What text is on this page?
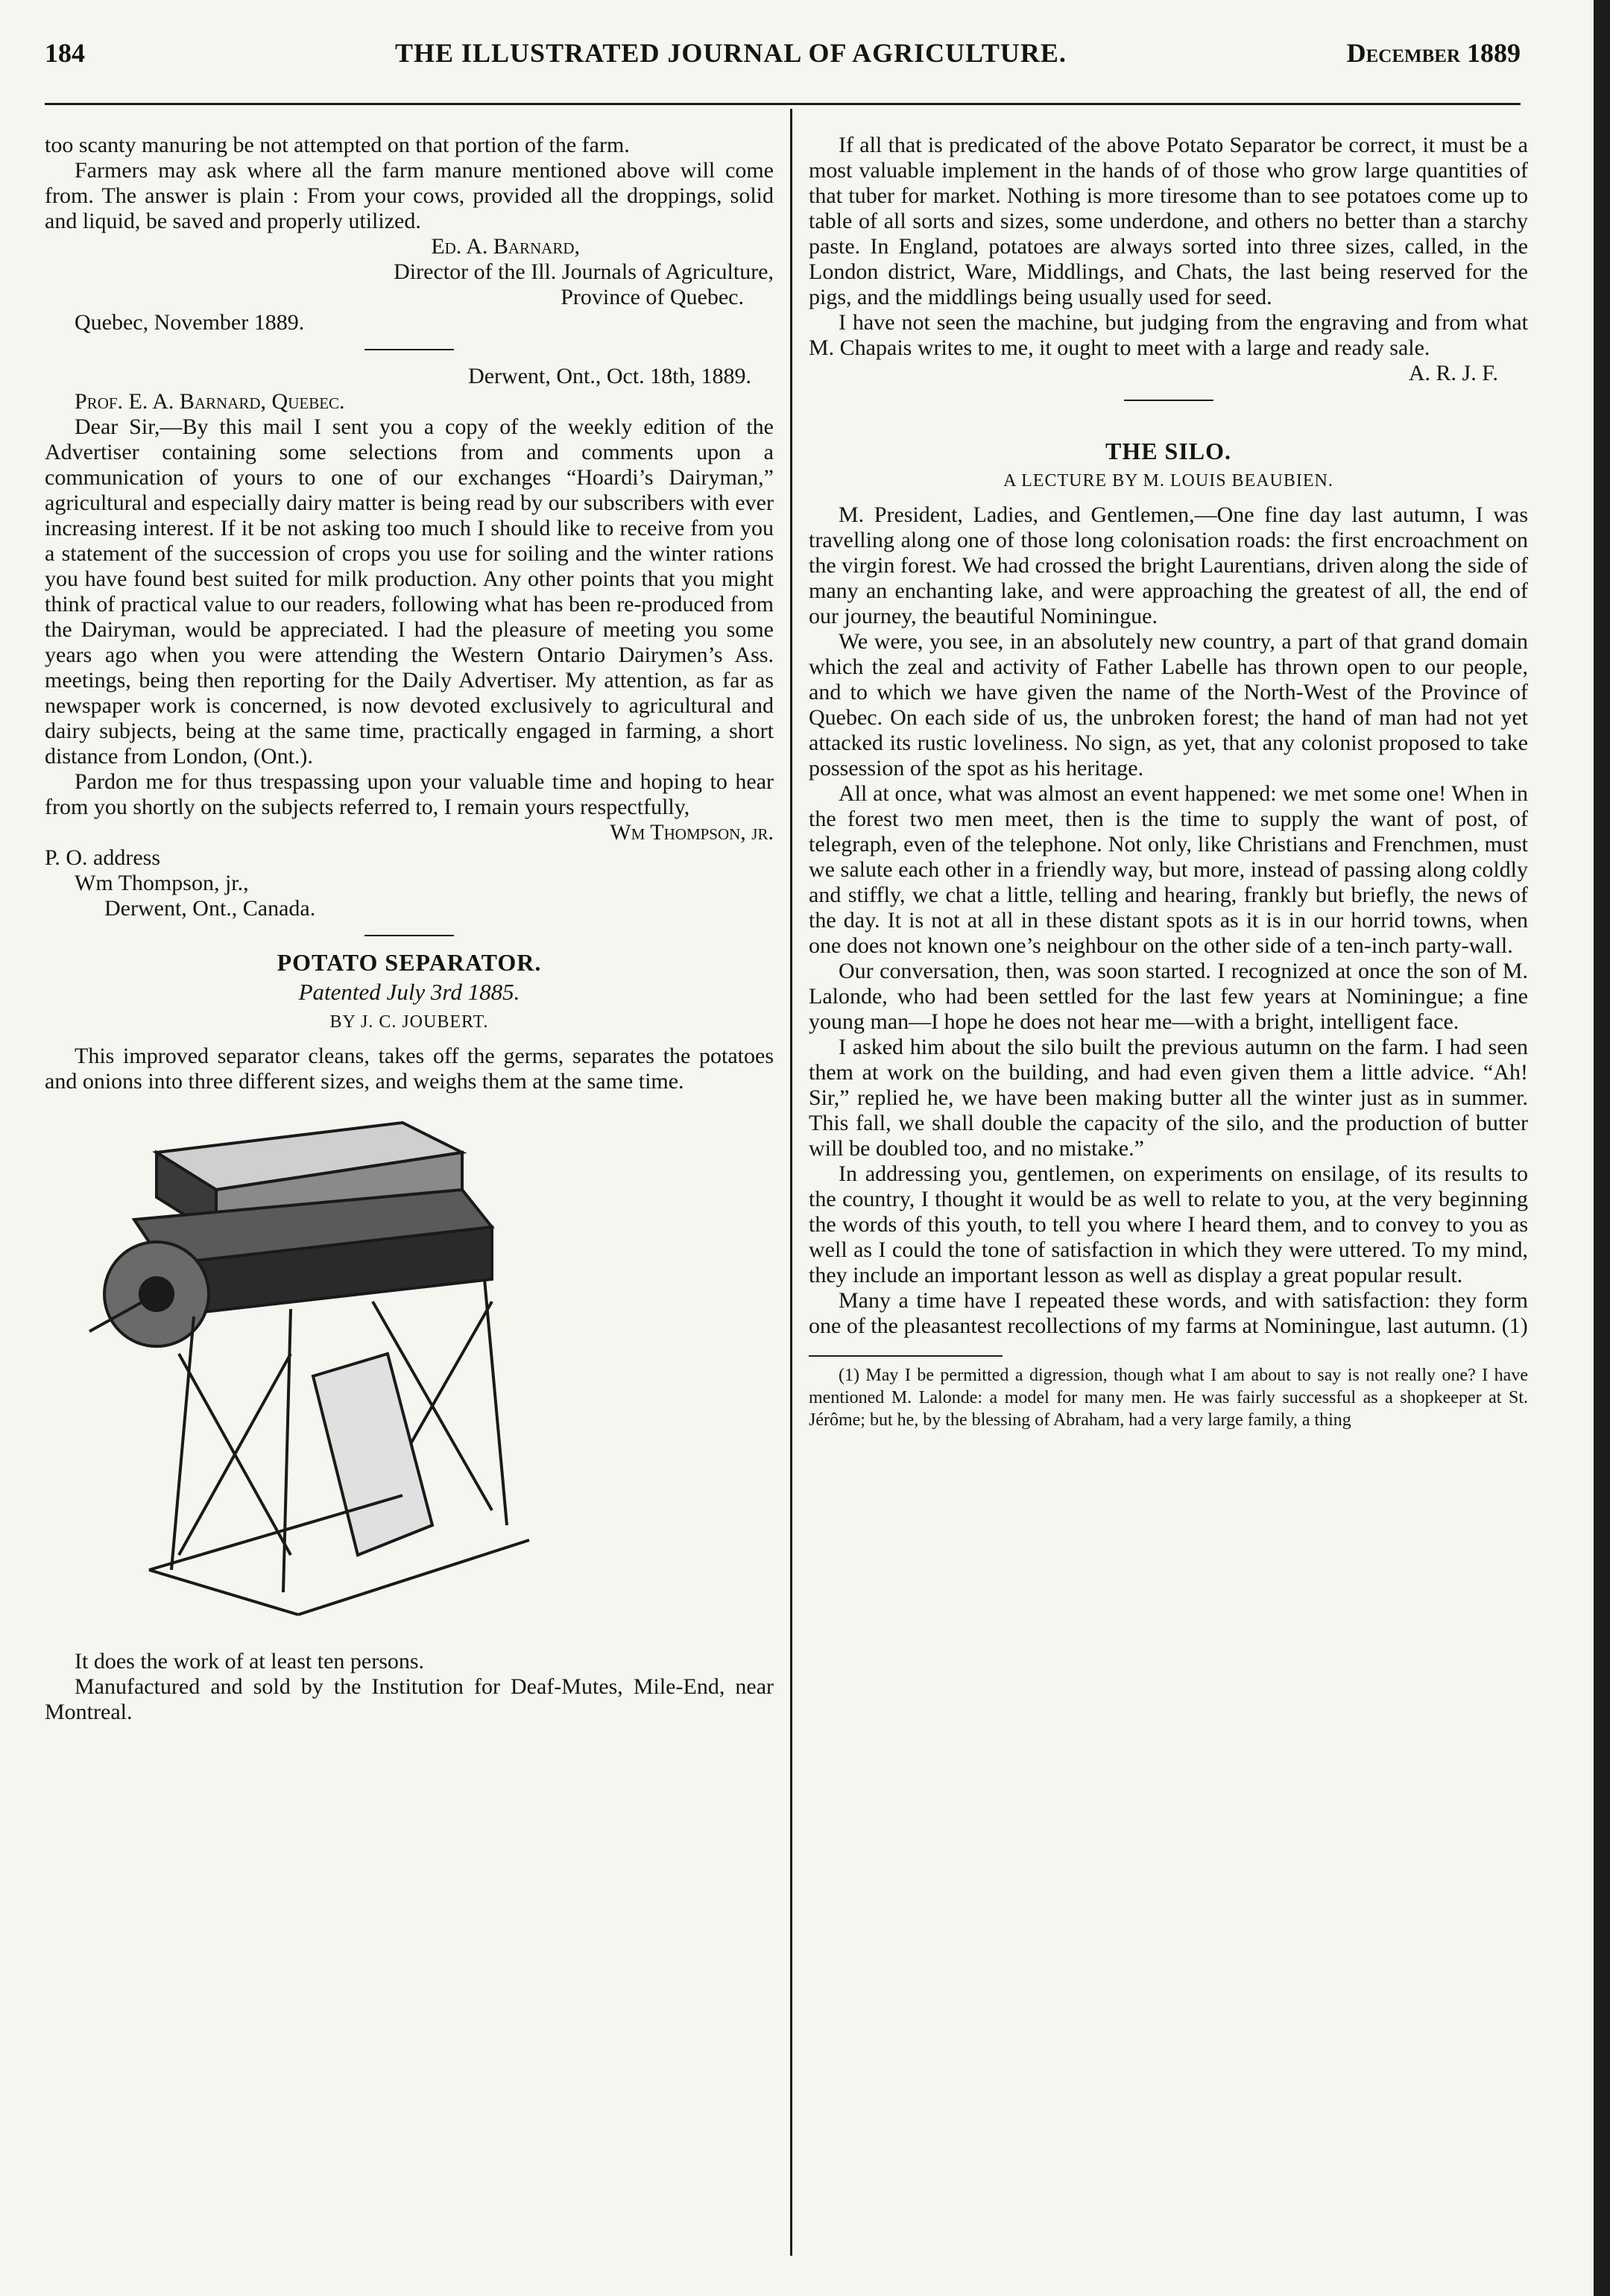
184	THE ILLUSTRATED JOURNAL OF AGRICULTURE.	December 1889

too scanty manuring be not attempted on that portion of the farm.

Farmers may ask where all the farm manure mentioned above will come from. The answer is plain : From your cows, provided all the droppings, solid and liquid, be saved and properly utilized.

Ed. A. Barnard,

Director of the Ill. Journals of Agriculture,

Province of Quebec.

Quebec, November 1889.

Derwent, Ont., Oct. 18th, 1889.

Prof. E. A. Barnard, Quebec.

Dear Sir,—By this mail I sent you a copy of the weekly edition of the Advertiser containing some selections from and comments upon a communication of yours to one of our exchanges “Hoardi’s Dairyman,” agricultural and especially dairy matter is being read by our subscribers with ever increasing interest. If it be not asking too much I should like to receive from you a statement of the succession of crops you use for soiling and the winter rations you have found best suited for milk production. Any other points that you might think of practical value to our readers, following what has been re-produced from the Dairyman, would be appreciated. I had the pleasure of meeting you some years ago when you were attending the Western Ontario Dairymen’s Ass. meetings, being then reporting for the Daily Advertiser. My attention, as far as newspaper work is concerned, is now devoted exclusively to agricultural and dairy subjects, being at the same time, practically engaged in farming, a short distance from London, (Ont.).

Pardon me for thus trespassing upon your valuable time and hoping to hear from you shortly on the subjects referred to, I remain yours respectfully,

Wm Thompson, jr.

P. O. address

Wm Thompson, jr.,

Derwent, Ont., Canada.

POTATO SEPARATOR.
Patented July 3rd 1885.
BY J. C. JOUBERT.

This improved separator cleans, takes off the germs, separates the potatoes and onions into three different sizes, and weighs them at the same time.

It does the work of at least ten persons.

Manufactured and sold by the Institution for Deaf-Mutes, Mile-End, near Montreal.

If all that is predicated of the above Potato Separator be correct, it must be a most valuable implement in the hands of of those who grow large quantities of that tuber for market. Nothing is more tiresome than to see potatoes come up to table of all sorts and sizes, some underdone, and others no better than a starchy paste. In England, potatoes are always sorted into three sizes, called, in the London district, Ware, Middlings, and Chats, the last being reserved for the pigs, and the middlings being usually used for seed.

I have not seen the machine, but judging from the engraving and from what M. Chapais writes to me, it ought to meet with a large and ready sale.

A. R. J. F.

THE SILO.
A LECTURE BY M. LOUIS BEAUBIEN.

M. President, Ladies, and Gentlemen,—One fine day last autumn, I was travelling along one of those long colonisation roads: the first encroachment on the virgin forest. We had crossed the bright Laurentians, driven along the side of many an enchanting lake, and were approaching the greatest of all, the end of our journey, the beautiful Nominingue.

We were, you see, in an absolutely new country, a part of that grand domain which the zeal and activity of Father Labelle has thrown open to our people, and to which we have given the name of the North-West of the Province of Quebec. On each side of us, the unbroken forest; the hand of man had not yet attacked its rustic loveliness. No sign, as yet, that any colonist proposed to take possession of the spot as his heritage.

All at once, what was almost an event happened: we met some one! When in the forest two men meet, then is the time to supply the want of post, of telegraph, even of the telephone. Not only, like Christians and Frenchmen, must we salute each other in a friendly way, but more, instead of passing along coldly and stiffly, we chat a little, telling and hearing, frankly but briefly, the news of the day. It is not at all in these distant spots as it is in our horrid towns, when one does not known one’s neighbour on the other side of a ten-inch party-wall.

Our conversation, then, was soon started. I recognized at once the son of M. Lalonde, who had been settled for the last few years at Nominingue; a fine young man—I hope he does not hear me—with a bright, intelligent face.

I asked him about the silo built the previous autumn on the farm. I had seen them at work on the building, and had even given them a little advice. “Ah! Sir,” replied he, we have been making butter all the winter just as in summer. This fall, we shall double the capacity of the silo, and the production of butter will be doubled too, and no mistake.”

In addressing you, gentlemen, on experiments on ensilage, of its results to the country, I thought it would be as well to relate to you, at the very beginning the words of this youth, to tell you where I heard them, and to convey to you as well as I could the tone of satisfaction in which they were uttered. To my mind, they include an important lesson as well as display a great popular result.

Many a time have I repeated these words, and with satisfaction: they form one of the pleasantest recollections of my farms at Nominingue, last autumn. (1)

(1) May I be permitted a digression, though what I am about to say is not really one? I have mentioned M. Lalonde: a model for many men. He was fairly successful as a shopkeeper at St. Jérôme; but he, by the blessing of Abraham, had a very large family, a thing
